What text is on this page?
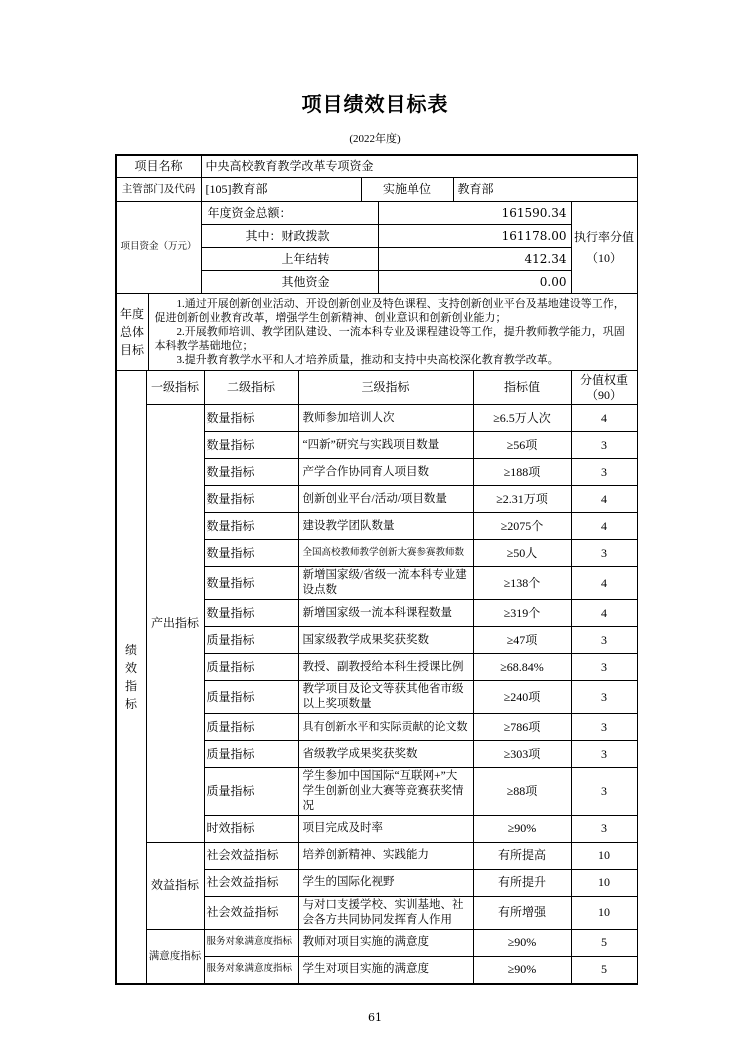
项目绩效目标表
(2022年度)
项目名称	中央高校教育教学改革专项资金		
主管部门及代码	[105]教育部	实施单位	教育部
项目资金（万元）	年度资金总额：	161590.34	执行率分值（10）
	其中：财政拨款	161178.00	
	上年结转	412.34	
	其他资金	0.00	
年度总体目标	

1.通过开展创新创业活动、开设创新创业及特色课程、支持创新创业平台及基地建设等工作，促进创新创业教育改革，增强学生创新精神、创业意识和创新创业能力；

2.开展教师培训、教学团队建设、一流本科专业及课程建设等工作，提升教师教学能力，巩固本科教学基础地位；

3.提升教育教学水平和人才培养质量，推动和支持中央高校深化教育教学改革。

绩效指标	一级指标	二级指标	三级指标	指标值	分值权重（90）
	产出指标	数量指标	教师参加培训人次	≥6.5万人次	4
		数量指标	“四新”研究与实践项目数量	≥56项	3
		数量指标	产学合作协同育人项目数	≥188项	3
		数量指标	创新创业平台/活动/项目数量	≥2.31万项	4
		数量指标	建设教学团队数量	≥2075个	4
		数量指标	全国高校教师教学创新大赛参赛教师数	≥50人	3
		数量指标	新增国家级/省级一流本科专业建设点数	≥138个	4
		数量指标	新增国家级一流本科课程数量	≥319个	4
		质量指标	国家级教学成果奖获奖数	≥47项	3
		质量指标	教授、副教授给本科生授课比例	≥68.84%	3
		质量指标	教学项目及论文等获其他省市级以上奖项数量	≥240项	3
		质量指标	具有创新水平和实际贡献的论文数	≥786项	3
		质量指标	省级教学成果奖获奖数	≥303项	3
		质量指标	学生参加中国国际“互联网+”大学生创新创业大赛等竞赛获奖情况	≥88项	3
		时效指标	项目完成及时率	≥90%	3
	效益指标	社会效益指标	培养创新精神、实践能力	有所提高	10
		社会效益指标	学生的国际化视野	有所提升	10
		社会效益指标	与对口支援学校、实训基地、社会各方共同协同发挥育人作用	有所增强	10
	满意度指标	服务对象满意度指标	教师对项目实施的满意度	≥90%	5
		服务对象满意度指标	学生对项目实施的满意度	≥90%	5
61
